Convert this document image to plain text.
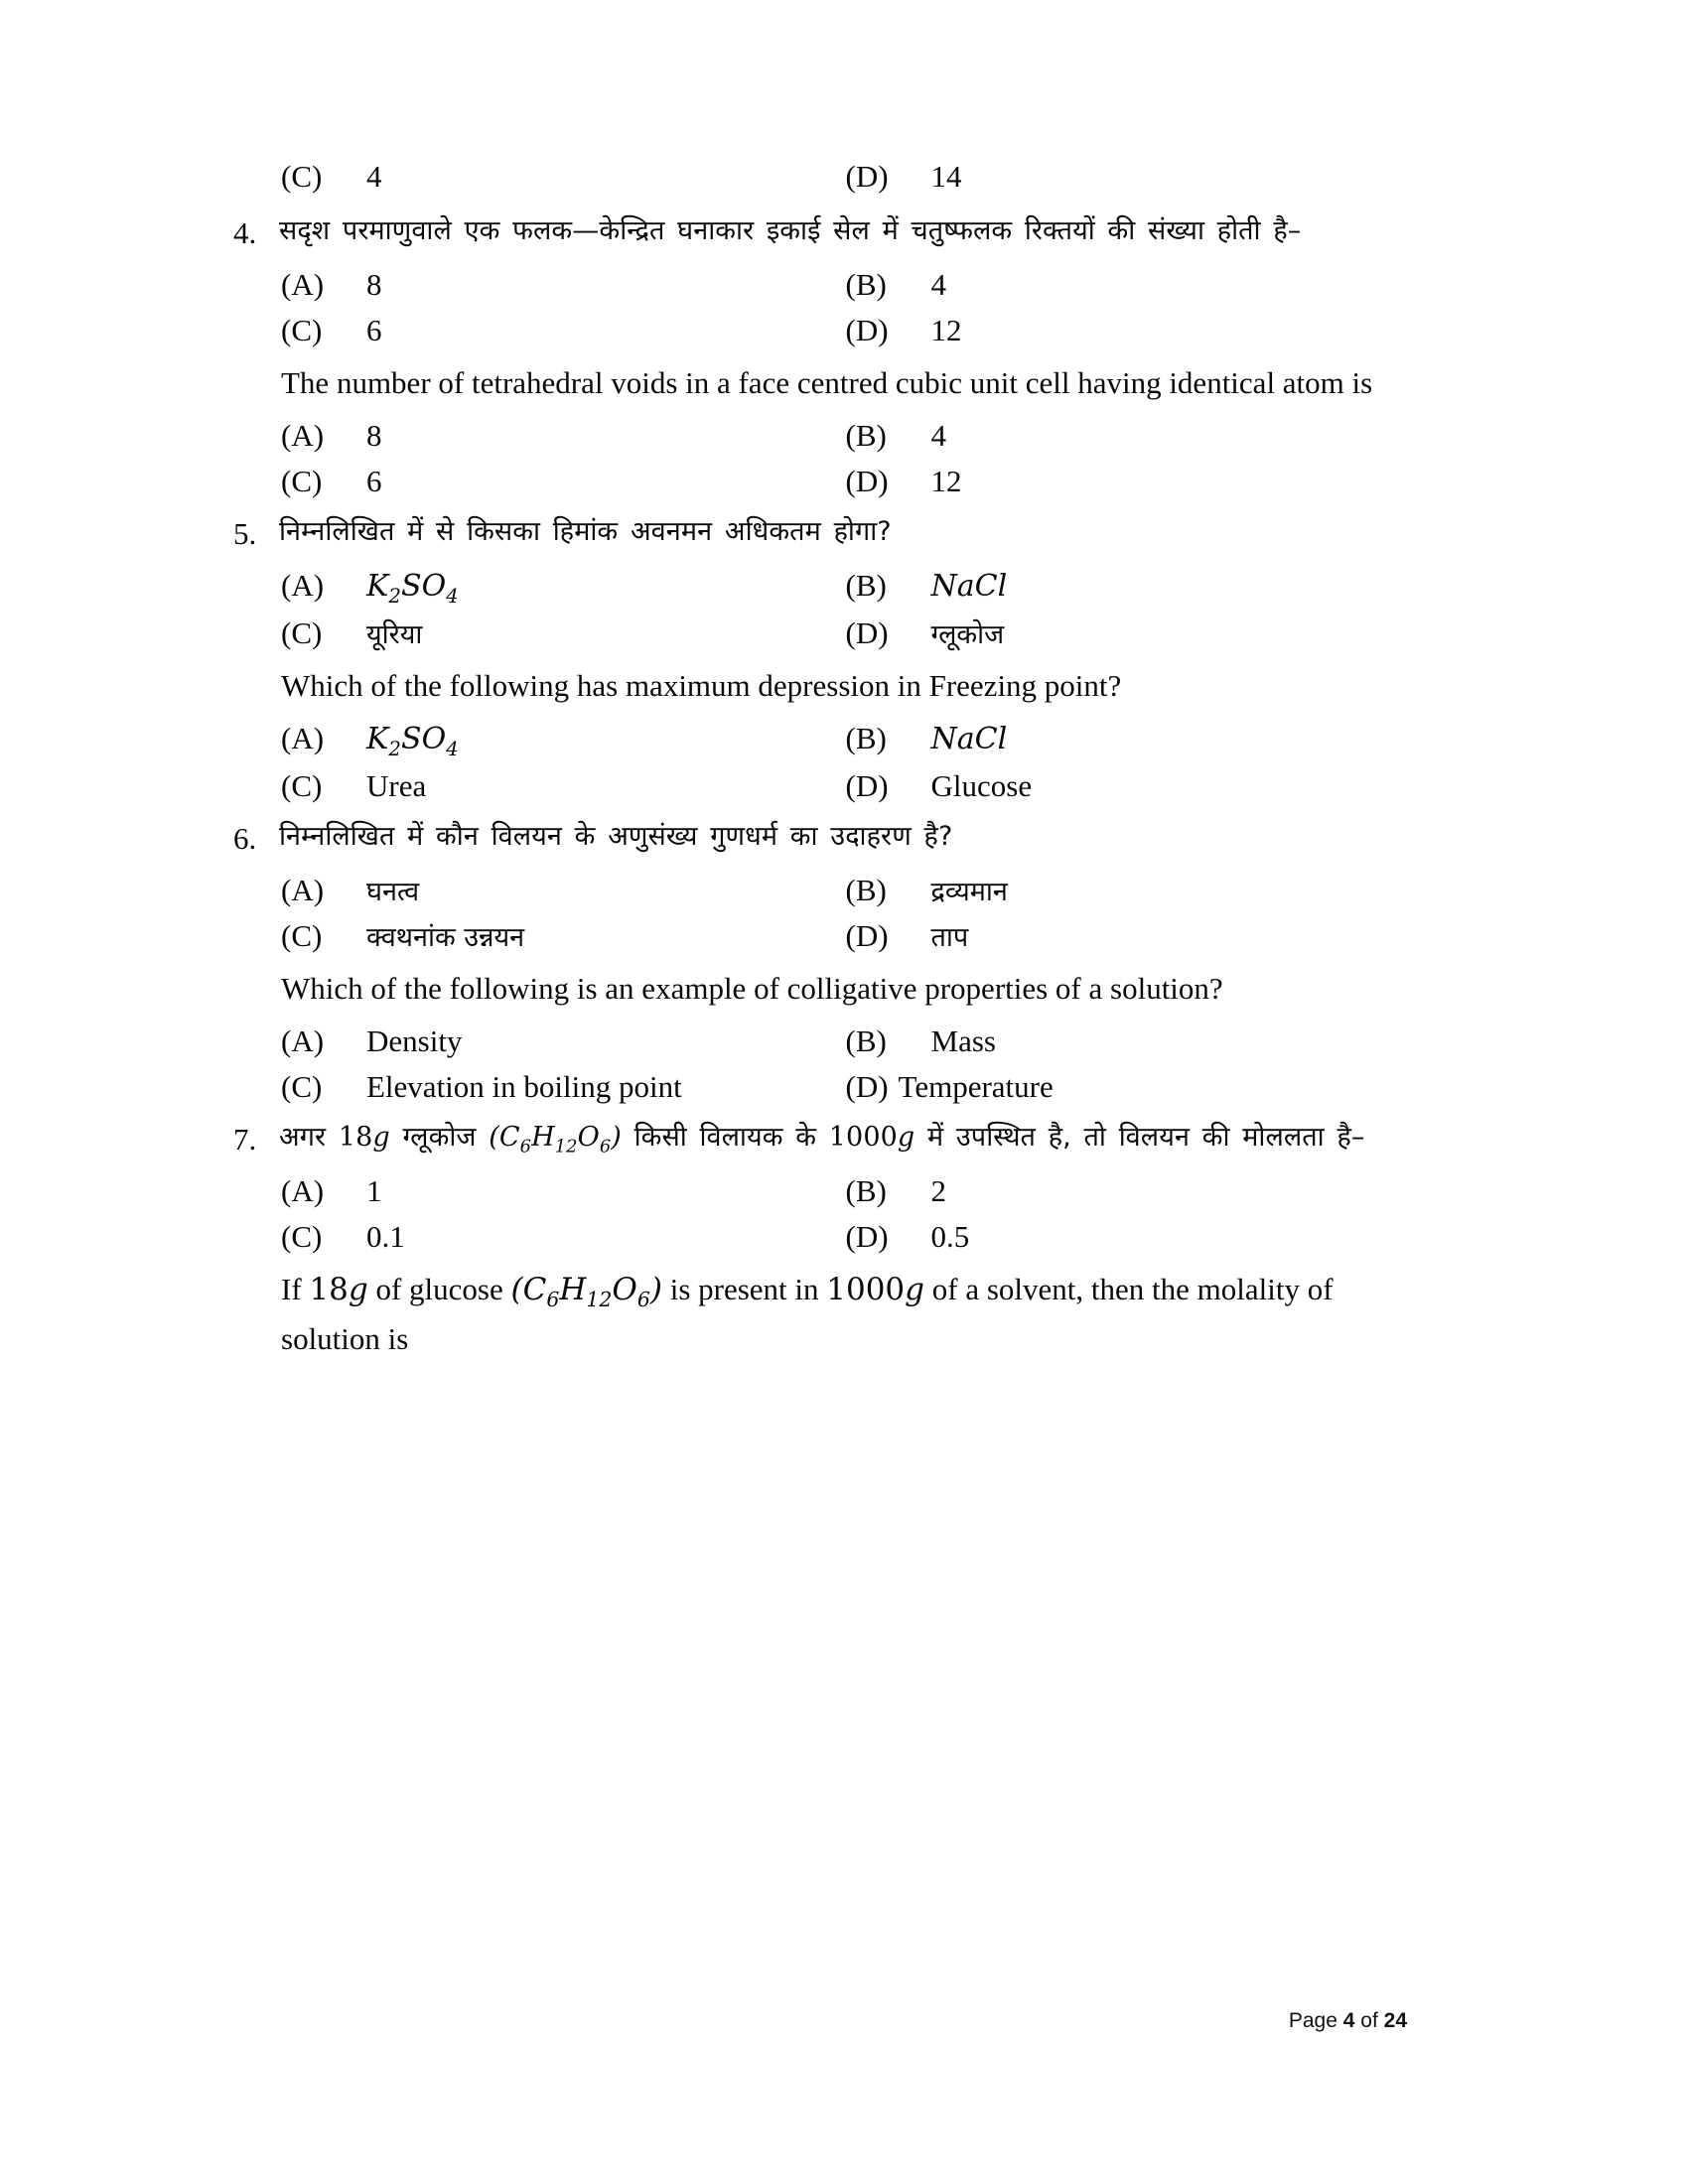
(C)	4	(D)	14
4. सदृश परमाणुवाले एक फलक—केन्द्रित घनाकार इकाई सेल में चतुष्फलक रिक्तयों की संख्या होती है–
(A)	8	(B)	4
(C)	6	(D)	12
The number of tetrahedral voids in a face centred cubic unit cell having identical atom is
(A)	8	(B)	4
(C)	6	(D)	12
5. निम्नलिखित में से किसका हिमांक अवनमन अधिकतम होगा?
(A)	$K_2SO_4$	(B)	NaCl
(C)	यूरिया	(D)	ग्लूकोज
Which of the following has maximum depression in Freezing point?
(A)	$K_2SO_4$	(B)	NaCl
(C)	Urea	(D)	Glucose
6. निम्नलिखित में कौन विलयन के अणुसंख्य गुणधर्म का उदाहरण है?
(A)	घनत्व	(B)	द्रव्यमान
(C)	क्वथनांक उन्नयन	(D)	ताप
Which of the following is an example of colligative properties of a solution?
(A)	Density	(B)	Mass
(C)	Elevation in boiling point	(D) Temperature
7. अगर 18g ग्लूकोज $(C_6H_{12}O_6)$ किसी विलायक के 1000g में उपस्थित है, तो विलयन की मोललता है–
(A)	1	(B)	2
(C)	0.1	(D)	0.5
If 18g of glucose $(C_6H_{12}O_6)$ is present in 1000g of a solvent, then the molality of solution is
Page 4 of 24
